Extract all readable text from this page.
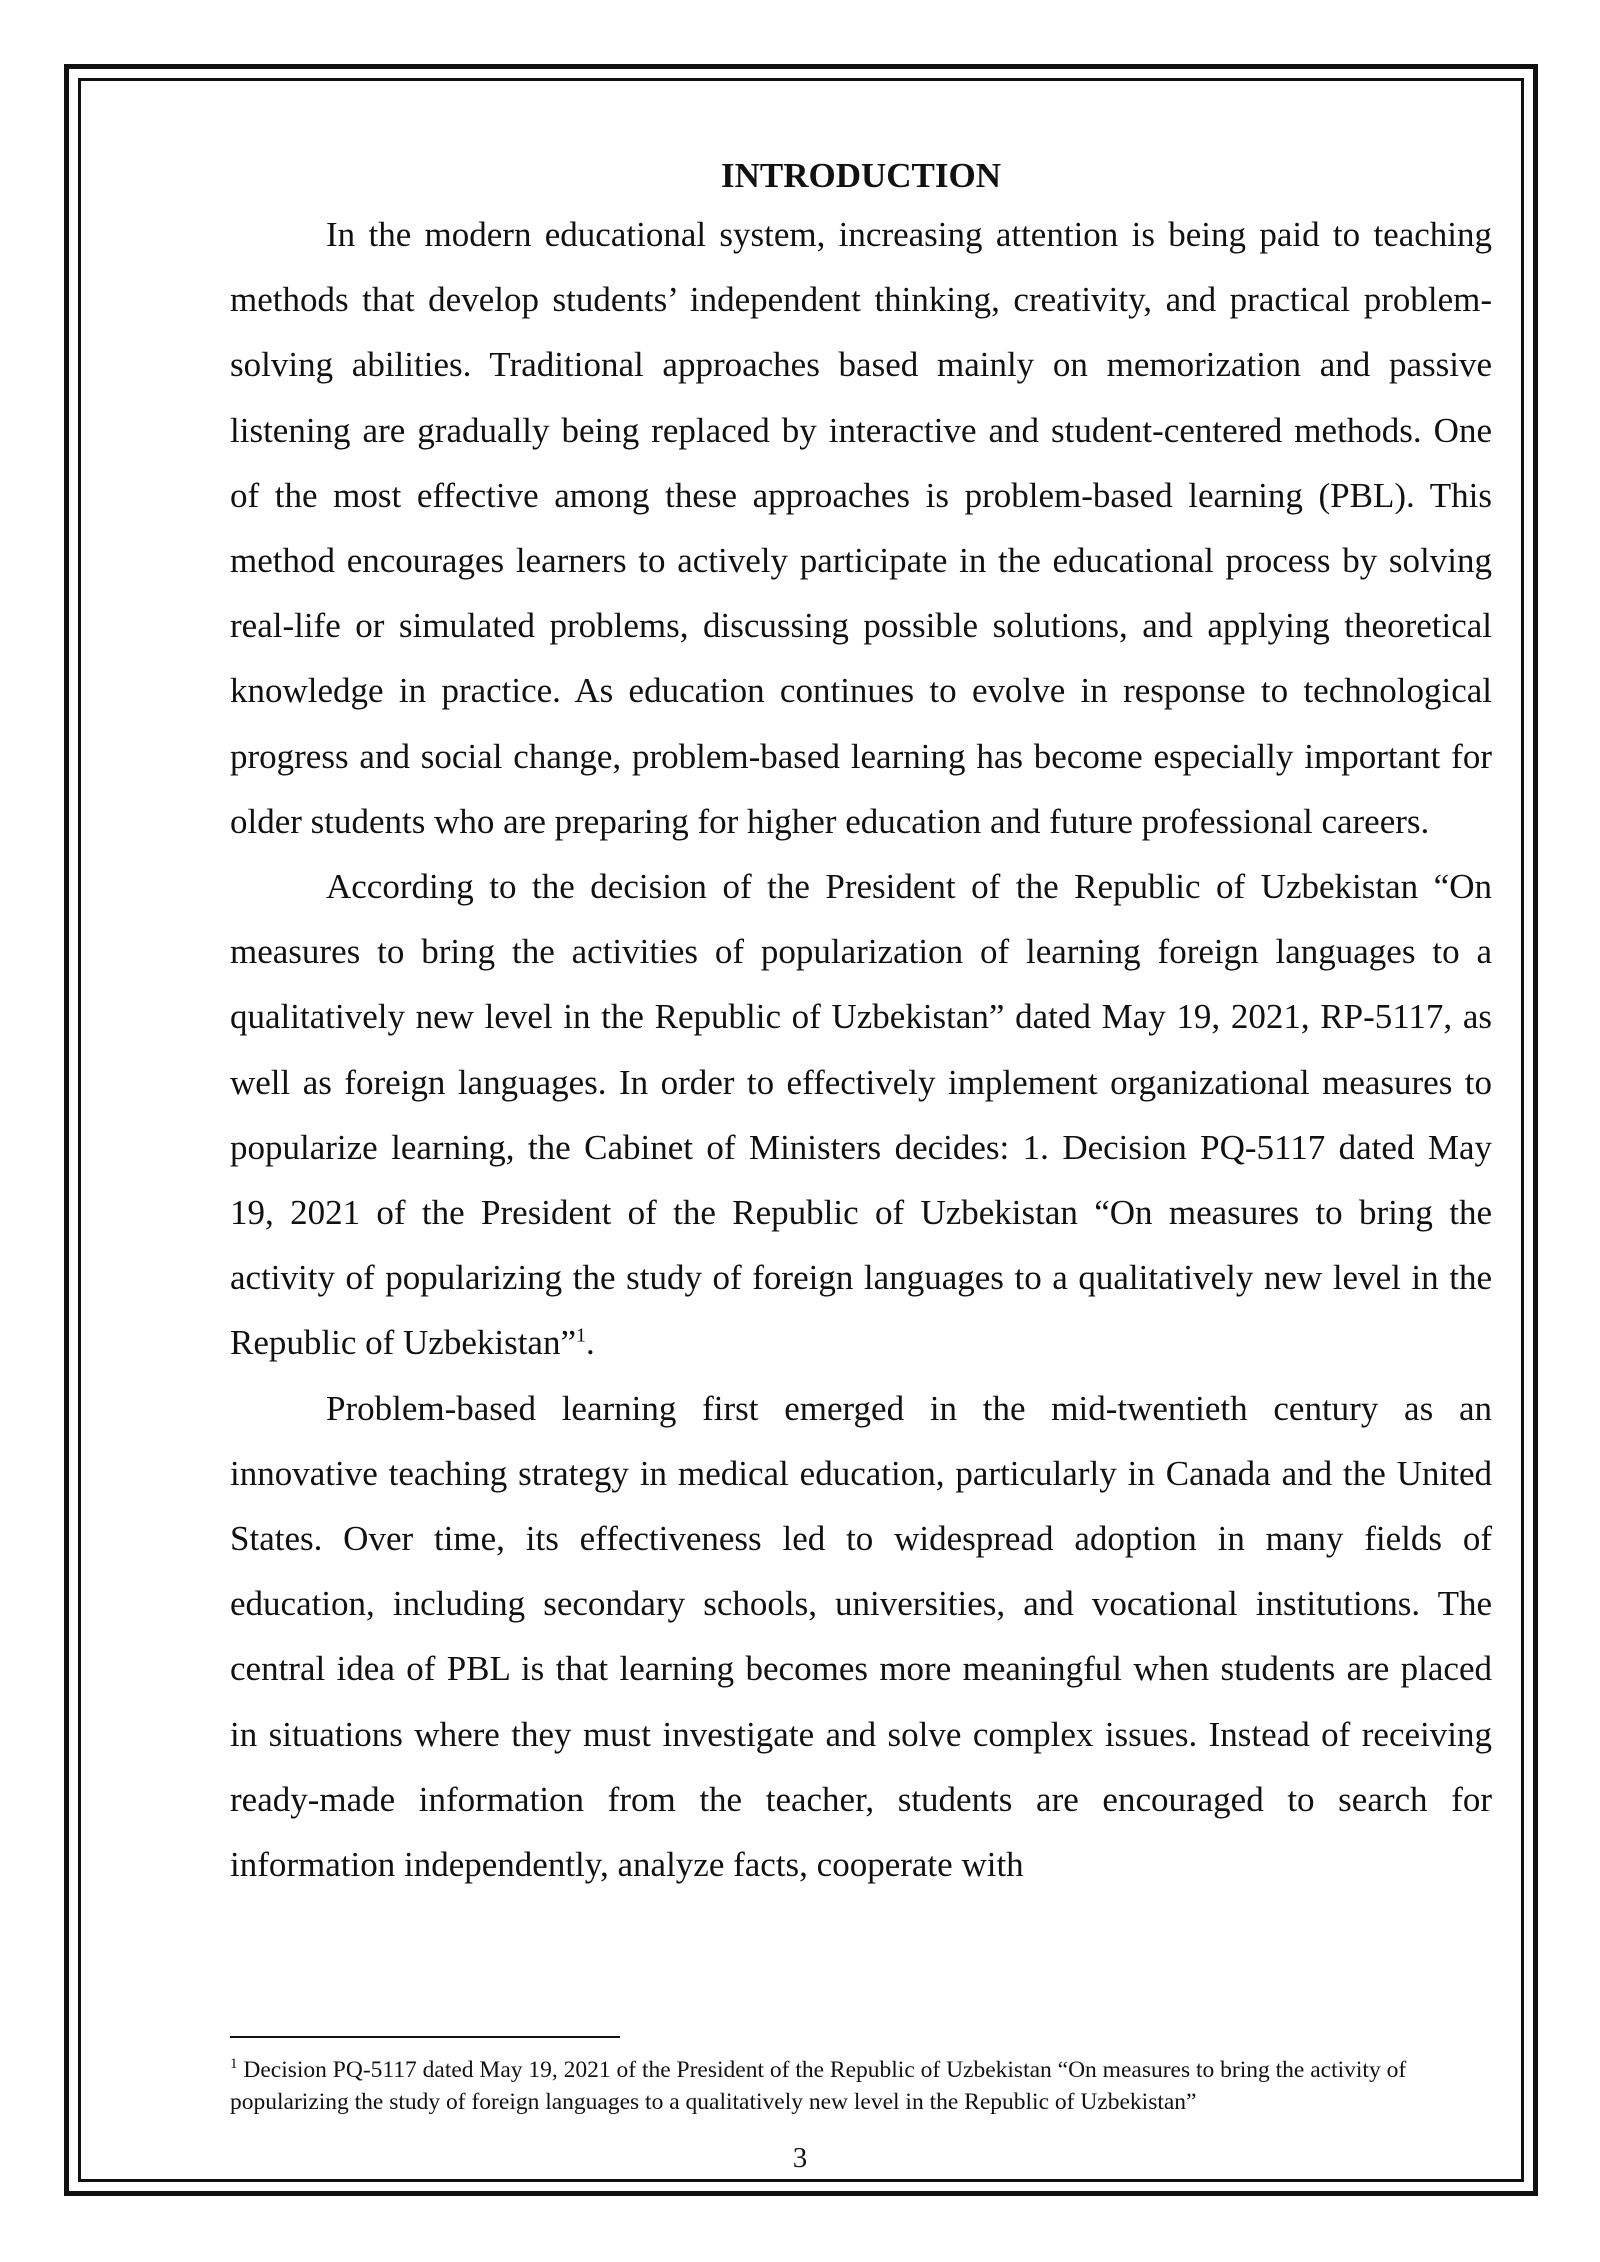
INTRODUCTION

In the modern educational system, increasing attention is being paid to teaching methods that develop students’ independent thinking, creativity, and practical problem-solving abilities. Traditional approaches based mainly on memorization and passive listening are gradually being replaced by interactive and student-centered methods. One of the most effective among these approaches is problem-based learning (PBL). This method encourages learners to actively participate in the educational process by solving real-life or simulated problems, discussing possible solutions, and applying theoretical knowledge in practice. As education continues to evolve in response to technological progress and social change, problem-based learning has become especially important for older students who are preparing for higher education and future professional careers.

According to the decision of the President of the Republic of Uzbekistan “On measures to bring the activities of popularization of learning foreign languages to a qualitatively new level in the Republic of Uzbekistan” dated May 19, 2021, RP-5117, as well as foreign languages. In order to effectively implement organizational measures to popularize learning, the Cabinet of Ministers decides: 1. Decision PQ-5117 dated May 19, 2021 of the President of the Republic of Uzbekistan “On measures to bring the activity of popularizing the study of foreign languages to a qualitatively new level in the Republic of Uzbekistan”$^1$.

Problem-based learning first emerged in the mid-twentieth century as an innovative teaching strategy in medical education, particularly in Canada and the United States. Over time, its effectiveness led to widespread adoption in many fields of education, including secondary schools, universities, and vocational institutions. The central idea of PBL is that learning becomes more meaningful when students are placed in situations where they must investigate and solve complex issues. Instead of receiving ready-made information from the teacher, students are encouraged to search for information independently, analyze facts, cooperate with

$^1$ Decision PQ-5117 dated May 19, 2021 of the President of the Republic of Uzbekistan “On measures to bring the activity of popularizing the study of foreign languages to a qualitatively new level in the Republic of Uzbekistan”

3
